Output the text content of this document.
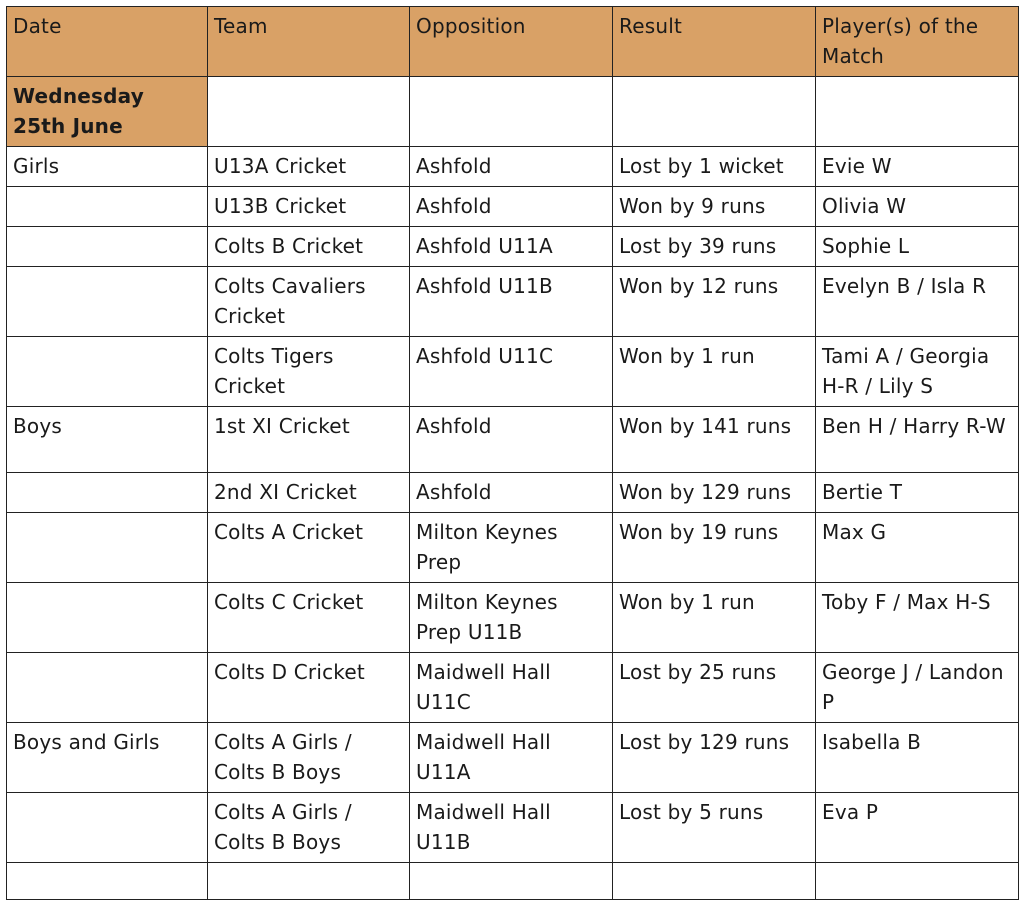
Date	Team	Opposition	Result	Player(s) of the Match
Wednesday 25th June				
Girls	U13A Cricket	Ashfold	Lost by 1 wicket	Evie W
	U13B Cricket	Ashfold	Won by 9 runs	Olivia W
	Colts B Cricket	Ashfold U11A	Lost by 39 runs	Sophie L
	Colts Cavaliers Cricket	Ashfold U11B	Won by 12 runs	Evelyn B / Isla R
	Colts Tigers Cricket	Ashfold U11C	Won by 1 run	Tami A / Georgia H-R / Lily S
Boys	1st XI Cricket	Ashfold	Won by 141 runs	Ben H / Harry R-W
	2nd XI Cricket	Ashfold	Won by 129 runs	Bertie T
	Colts A Cricket	Milton Keynes Prep	Won by 19 runs	Max G
	Colts C Cricket	Milton Keynes Prep U11B	Won by 1 run	Toby F / Max H-S
	Colts D Cricket	Maidwell Hall U11C	Lost by 25 runs	George J / Landon P
Boys and Girls	Colts A Girls / Colts B Boys	Maidwell Hall U11A	Lost by 129 runs	Isabella B
	Colts A Girls / Colts B Boys	Maidwell Hall U11B	Lost by 5 runs	Eva P
